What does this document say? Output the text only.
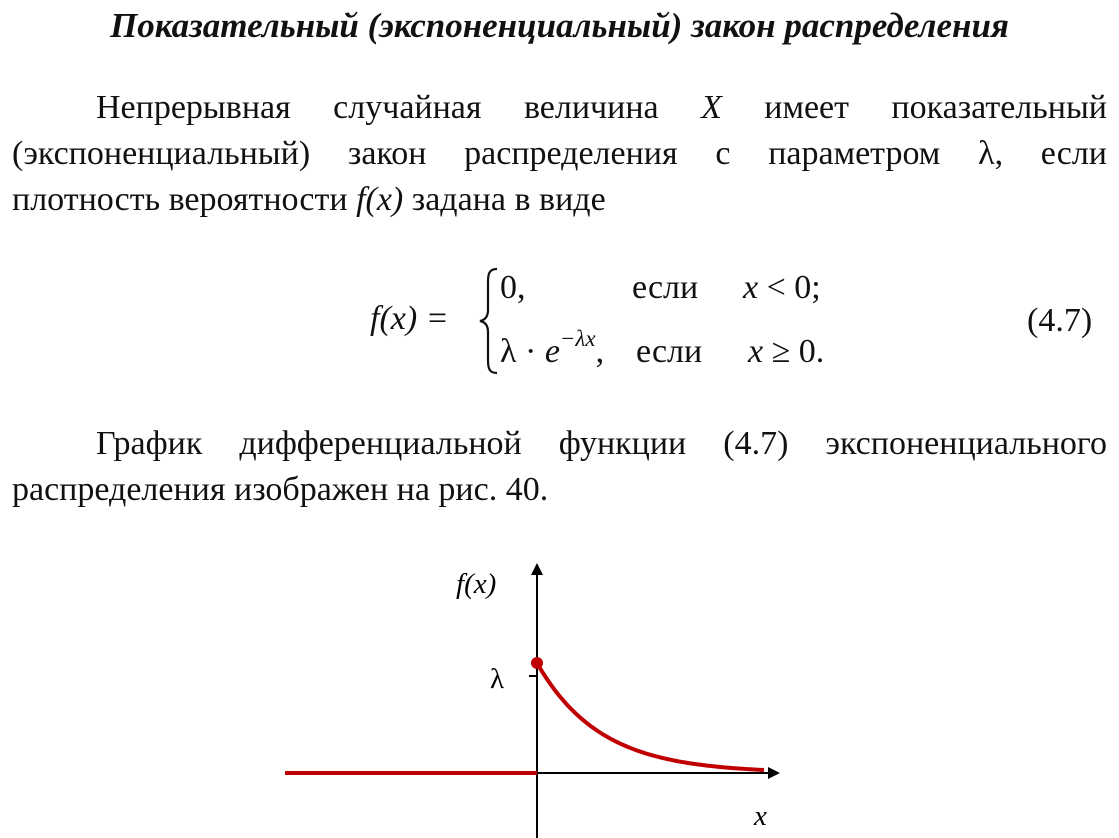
Показательный (экспоненциальный) закон распределения
Непрерывная случайная величина X имеет показательный
(экспоненциальный) закон распределения с параметром λ, если
плотность вероятности f(x) задана в виде
f(x) =
0,	если x < 0;
$\lambda \cdot e^{-\lambda x}$, если x ≥ 0.
(4.7)
График дифференциальной функции (4.7) экспоненциального
распределения изображен на рис. 40.
f(x)
λ
x
